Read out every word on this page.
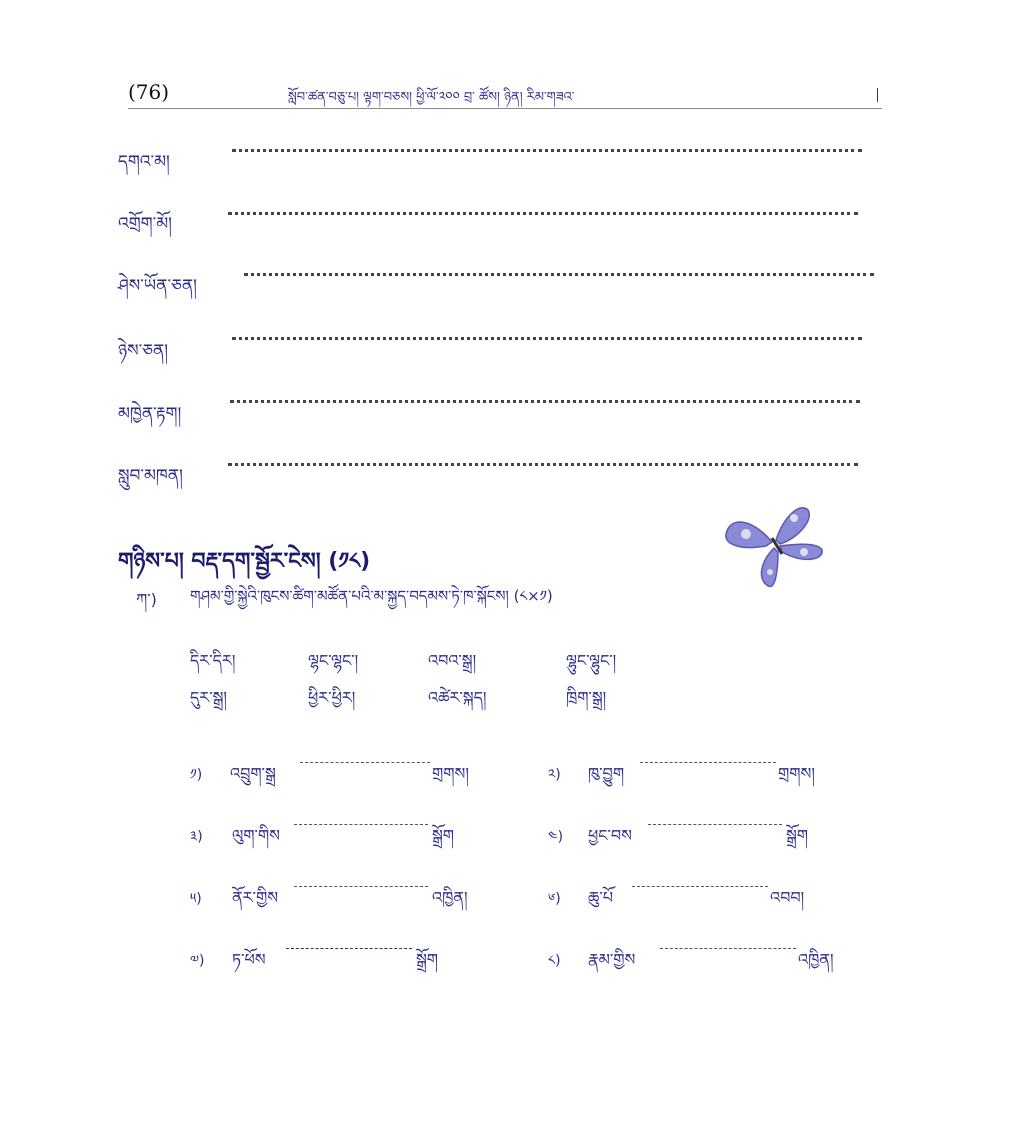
(76)	སློབ་ཚན་བཅུ་པ། ལྟག་བཅས། ཕྱི་ལོ་༢༠༠ བྲ་ ཚོས། ཉིན། རིམ་གཟའ་
དགའ་མ།
འགྲོག་མོ།
ཤེས་ཡོན་ཅན།
ཉེས་ཅན།
མཁྱེན་རྟག།
སླུབ་མཁན།
གཉིས་པ། བརྡ་དག་སྦྱོར་ངེས། (༡༨)
ཀ་) གཤམ་གྱི་སྐྱེའི་ཁུངས་ཚིག་མཚོན་པའི་མ་སྐྱད་བདམས་ཏེ་ཁ་སྐོངས། (༨×༡)
དིར་དིར།	ལྷང་ལྷང་།	འབའ་སྒྲ།	ལྷུང་ལྷུང་།
དུར་སྒྲ།	ཕྱིར་ཕྱིར།	འཚེར་སྐད།	ཁྲིག་སྒྲ།
༡) འབྲུག་སྒྲ	གྲགས།
༣) ལུག་གིས	སྒྲོག
༥) ནོར་གྱིས	འཁྱིན།
༧) ཏ་ཕོས	སྒྲོག
༢) ཁུ་བྱུག	གྲགས།
༤) ཕྱང་བས	སྒྲོག
༦) ཆུ་པོ	འབབ།
༨) རྣམ་གྱིས	འཁྱིན།
